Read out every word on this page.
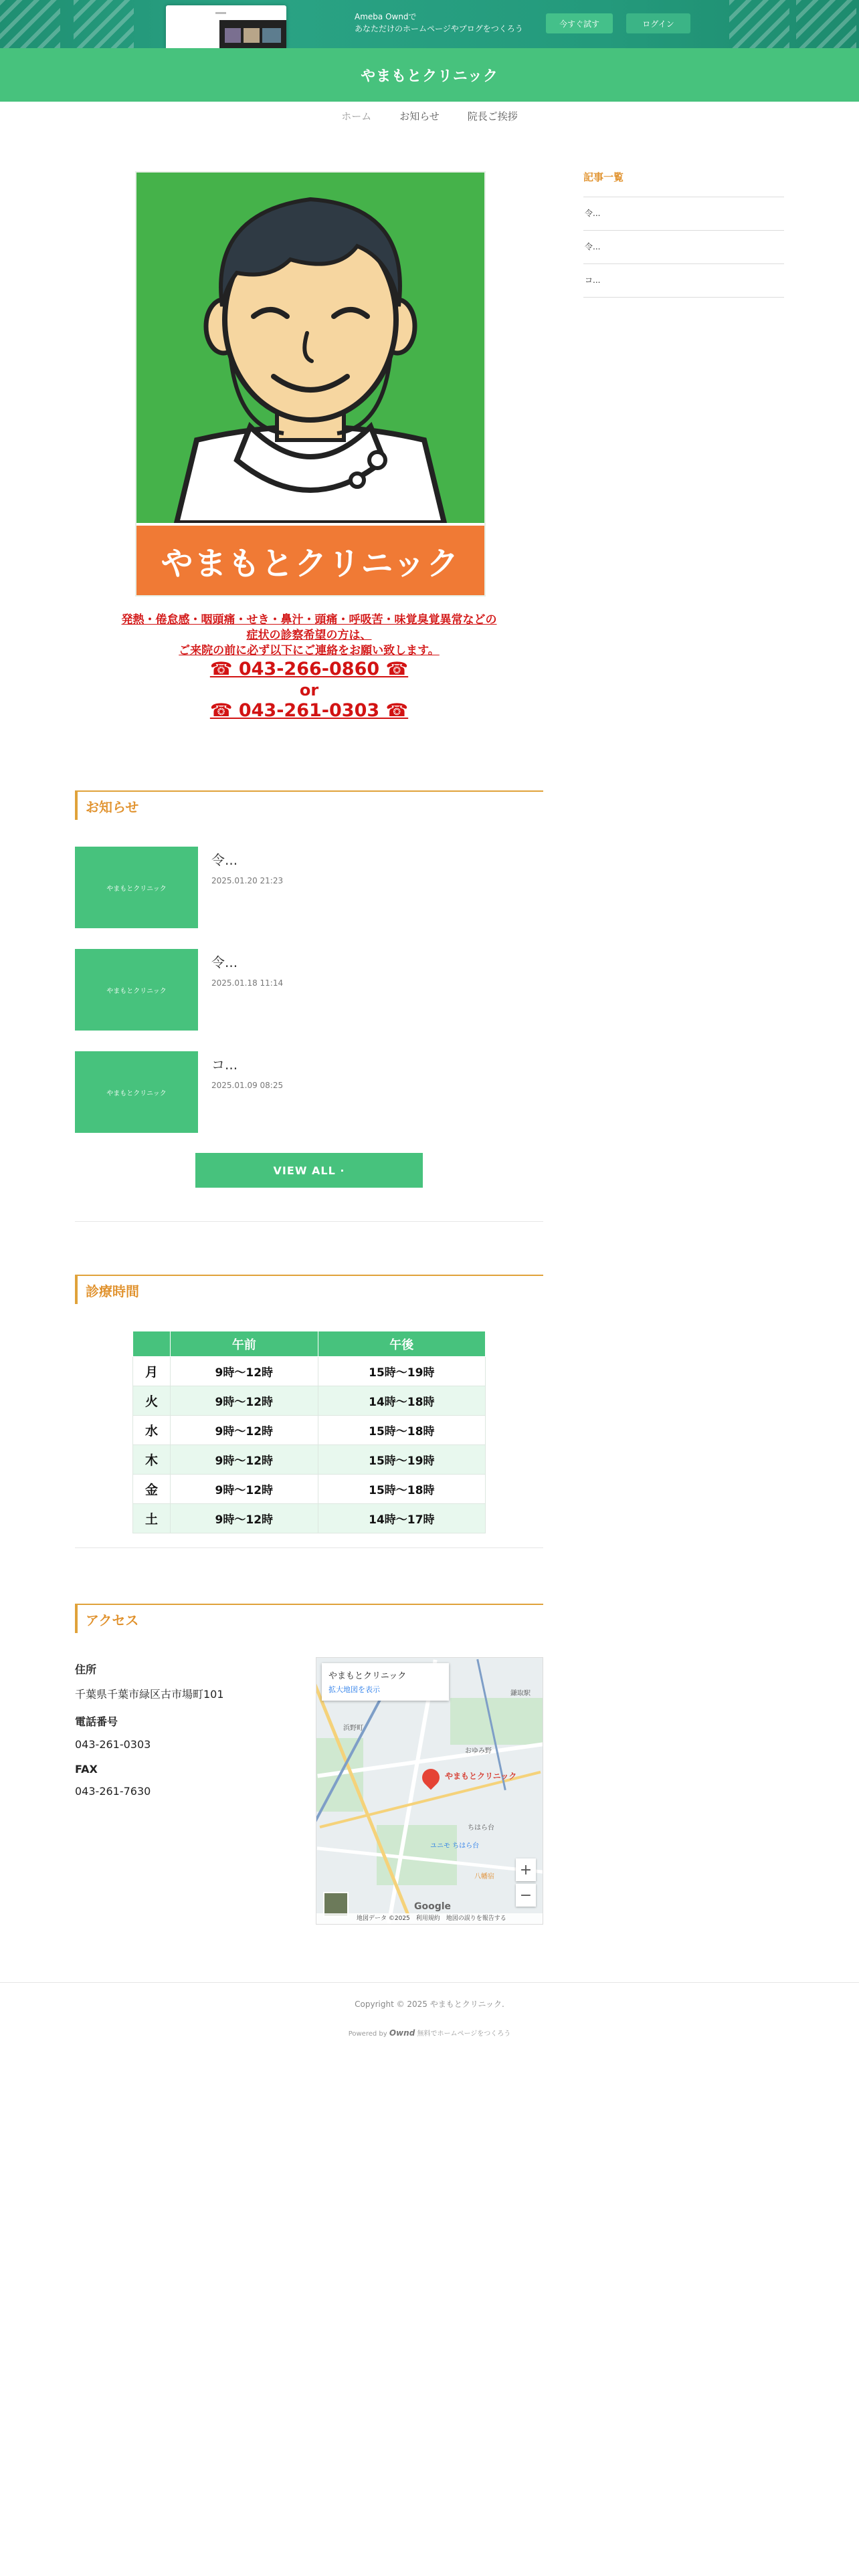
Ameba Owndで
あなただけのホームページやブログをつくろう
今すぐ試す	ログイン
やまもとクリニック
ホーム	お知らせ	院長ご挨拶
やまもとクリニック
発熱・倦怠感・咽頭痛・せき・鼻汁・頭痛・呼吸苦・味覚臭覚異常などの
症状の診察希望の方は、
ご来院の前に必ず以下にご連絡をお願い致します。
☎ 043-266-0860 ☎
or
☎ 043-261-0303 ☎
お知らせ
やまもとクリニック
令...
2025.01.20 21:23
やまもとクリニック
令...
2025.01.18 11:14
やまもとクリニック
コ...
2025.01.09 08:25
VIEW ALL ·
診療時間
	午前	午後
月	9時～12時	15時～19時
火	9時～12時	14時～18時
水	9時～12時	15時～18時
木	9時～12時	15時～19時
金	9時～12時	15時～18時
土	9時～12時	14時～17時
アクセス
住所
千葉県千葉市緑区古市場町101
電話番号
043-261-0303
FAX
043-261-7630
おゆみ野
ちはら台
ユニモ ちはら台
八幡宿
浜野町
鎌取駅
やまもとクリニック
拡大地図を表示
やまもとクリニック
+
−
Google
地図データ ©2025　利用規約　地図の誤りを報告する
記事一覧
令...
令...
コ...
Copyright © 2025 やまもとクリニック.
Powered by Ownd 無料でホームページをつくろう
